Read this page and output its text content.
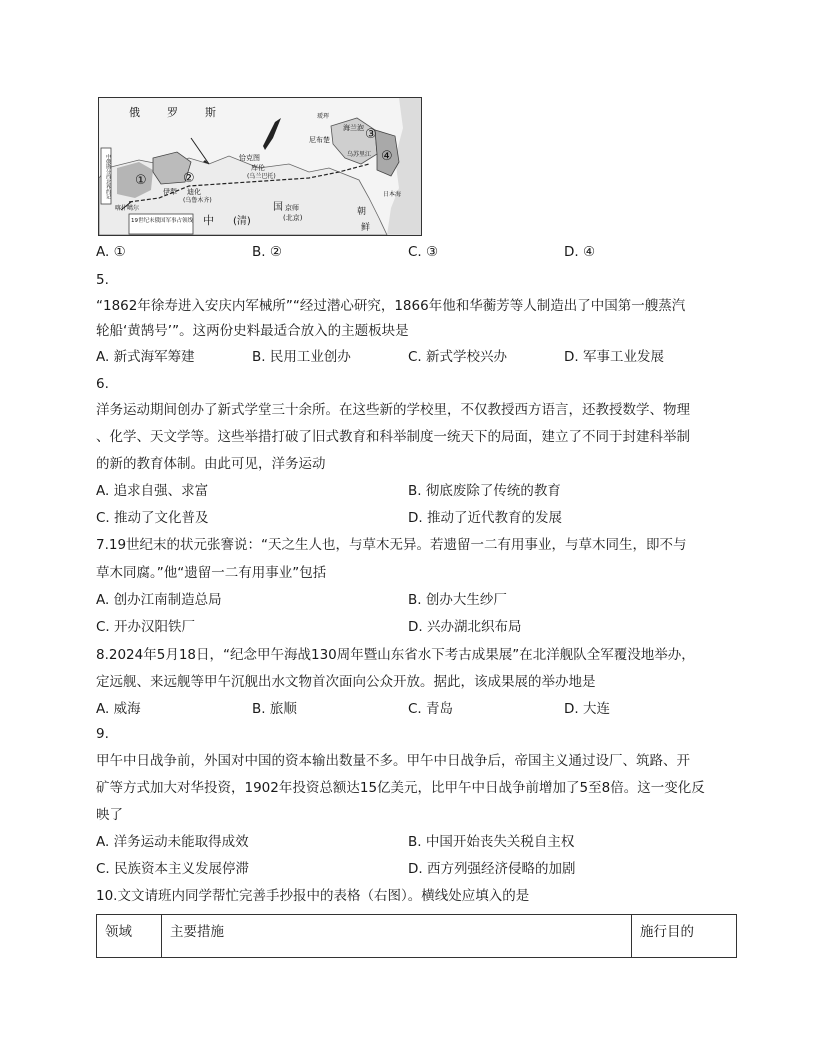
俄 罗 斯
尼布楚
恰克图
库伦
(乌兰巴托)
伊犁 迪化
(乌鲁木齐)
喀什噶尔
中 (清)
京师
(北京)
国	朝
鲜
瑷珲
海兰泡
乌苏里江
日本海
19世纪末俄国军事占领线
①	②
③
④
中俄勘分西北界约记
A. ①	B. ②	C. ③	D. ④
5.
“1862年徐寿进入安庆内军械所”“经过潜心研究，1866年他和华蘅芳等人制造出了中国第一艘蒸汽
轮船‘黄鹄号’”。这两份史料最适合放入的主题板块是
A. 新式海军筹建	B. 民用工业创办	C. 新式学校兴办	D. 军事工业发展
6.
洋务运动期间创办了新式学堂三十余所。在这些新的学校里，不仅教授西方语言，还教授数学、物理
、化学、天文学等。这些举措打破了旧式教育和科举制度一统天下的局面，建立了不同于封建科举制
的新的教育体制。由此可见，洋务运动
A. 追求自强、求富	B. 彻底废除了传统的教育
C. 推动了文化普及	D. 推动了近代教育的发展
7.19世纪末的状元张謇说：“天之生人也，与草木无异。若遗留一二有用事业，与草木同生，即不与
草木同腐。”他“遗留一二有用事业”包括
A. 创办江南制造总局	B. 创办大生纱厂
C. 开办汉阳铁厂	D. 兴办湖北织布局
8.2024年5月18日，“纪念甲午海战130周年暨山东省水下考古成果展”在北洋舰队全军覆没地举办，
定远舰、来远舰等甲午沉舰出水文物首次面向公众开放。据此，该成果展的举办地是
A. 威海	B. 旅顺	C. 青岛	D. 大连
9.
甲午中日战争前，外国对中国的资本输出数量不多。甲午中日战争后，帝国主义通过设厂、筑路、开
矿等方式加大对华投资，1902年投资总额达15亿美元，比甲午中日战争前增加了5至8倍。这一变化反
映了
A. 洋务运动未能取得成效	B. 中国开始丧失关税自主权
C. 民族资本主义发展停滞	D. 西方列强经济侵略的加剧
10.文文请班内同学帮忙完善手抄报中的表格（右图）。横线处应填入的是
领域	主要措施	施行目的
